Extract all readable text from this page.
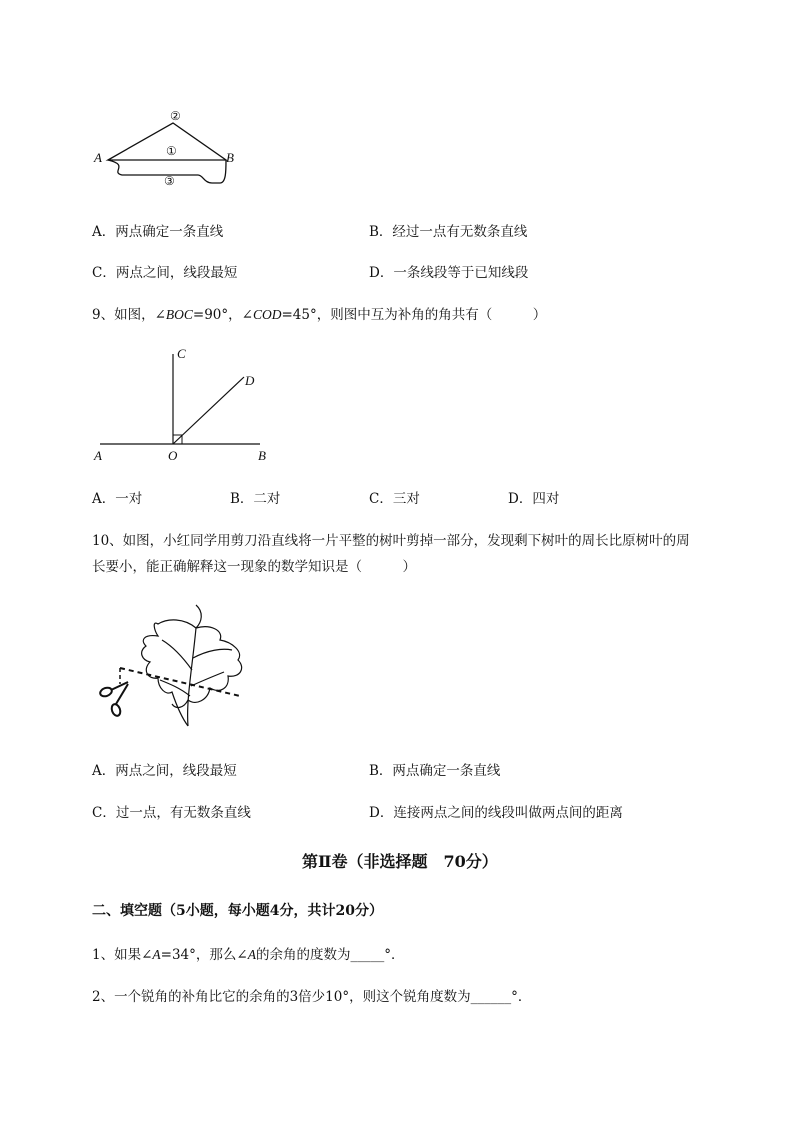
A	B
②
①
③
A．两点确定一条直线	B．经过一点有无数条直线
C．两点之间，线段最短	D．一条线段等于已知线段
9、如图，∠BOC=90°，∠COD=45°，则图中互为补角的角共有（　　　）
C
D
A	O	B
A．一对	B．二对	C．三对	D．四对
10、如图，小红同学用剪刀沿直线将一片平整的树叶剪掉一部分，发现剩下树叶的周长比原树叶的周
长要小，能正确解释这一现象的数学知识是（　　　）
A．两点之间，线段最短	B．两点确定一条直线
C．过一点，有无数条直线	D．连接两点之间的线段叫做两点间的距离
第Ⅱ卷（非选择题　70分）
二、填空题（5小题，每小题4分，共计20分）
1、如果∠A=34°，那么∠A的余角的度数为_____°．
2、一个锐角的补角比它的余角的3倍少10°，则这个锐角度数为______°．
